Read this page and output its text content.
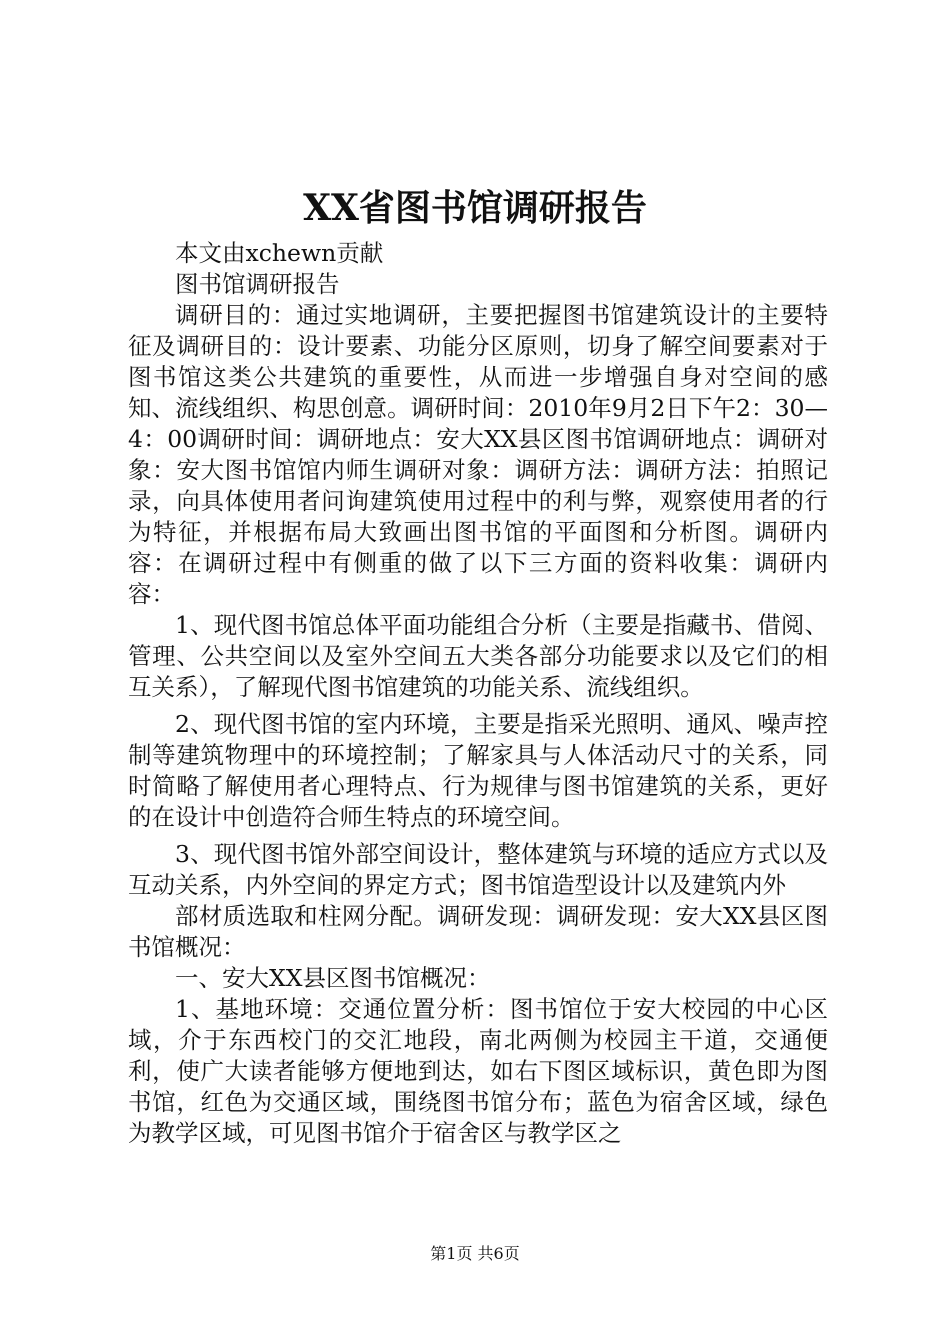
XX省图书馆调研报告

本文由xchewn贡献

图书馆调研报告

调研目的：通过实地调研，主要把握图书馆建筑设计的主要特征及调研目的：设计要素、功能分区原则，切身了解空间要素对于图书馆这类公共建筑的重要性，从而进一步增强自身对空间的感知、流线组织、构思创意。调研时间：2010年9月2日下午2：30—4：00调研时间：调研地点：安大XX县区图书馆调研地点：调研对象：安大图书馆馆内师生调研对象：调研方法：调研方法：拍照记录，向具体使用者问询建筑使用过程中的利与弊，观察使用者的行为特征，并根据布局大致画出图书馆的平面图和分析图。调研内容：在调研过程中有侧重的做了以下三方面的资料收集：调研内容：

1、现代图书馆总体平面功能组合分析（主要是指藏书、借阅、管理、公共空间以及室外空间五大类各部分功能要求以及它们的相互关系），了解现代图书馆建筑的功能关系、流线组织。

2、现代图书馆的室内环境，主要是指采光照明、通风、噪声控制等建筑物理中的环境控制；了解家具与人体活动尺寸的关系，同时简略了解使用者心理特点、行为规律与图书馆建筑的关系，更好的在设计中创造符合师生特点的环境空间。

3、现代图书馆外部空间设计，整体建筑与环境的适应方式以及互动关系，内外空间的界定方式；图书馆造型设计以及建筑内外

部材质选取和柱网分配。调研发现：调研发现：安大XX县区图书馆概况：

一、安大XX县区图书馆概况：

1、基地环境：交通位置分析：图书馆位于安大校园的中心区域，介于东西校门的交汇地段，南北两侧为校园主干道，交通便利，使广大读者能够方便地到达，如右下图区域标识，黄色即为图书馆，红色为交通区域，围绕图书馆分布；蓝色为宿舍区域，绿色为教学区域，可见图书馆介于宿舍区与教学区之

第1页 共6页
